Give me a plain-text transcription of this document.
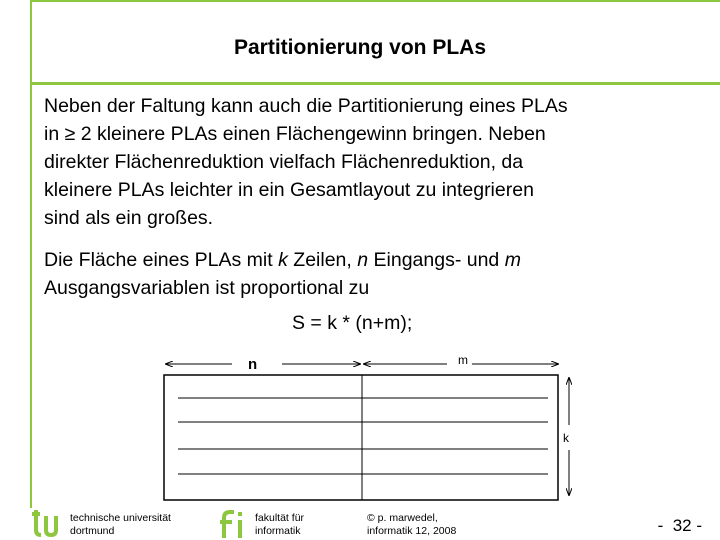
Partitionierung von PLAs
Neben der Faltung kann auch die Partitionierung eines PLAs
in ≥ 2 kleinere PLAs einen Flächengewinn bringen. Neben
direkter Flächenreduktion vielfach Flächenreduktion, da
kleinere PLAs leichter in ein Gesamtlayout zu integrieren
sind als ein großes.
Die Fläche eines PLAs mit k Zeilen, n Eingangs- und m
Ausgangsvariablen ist proportional zu
S = k * (n+m);
n	m
k
technische universität
dortmund
fakultät für
informatik
© p. marwedel,
informatik 12, 2008	-  32 -
